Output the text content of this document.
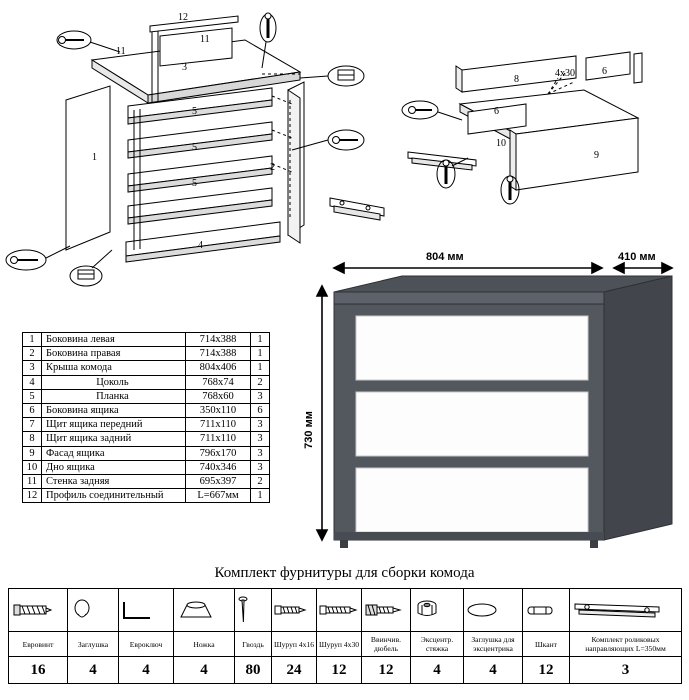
12
11
11
3
5
5
5
1
2
4
8
4x30
6
6
10
9
1	Боковина левая	714х388	1
2	Боковина правая	714х388	1
3	Крыша комода	804х406	1
4	Цоколь	768х74	2
5	Планка	768х60	3
6	Боковина ящика	350х110	6
7	Щит ящика передний	711х110	3
8	Щит ящика задний	711х110	3
9	Фасад ящика	796х170	3
10	Дно ящика	740х346	3
11	Стенка задняя	695х397	2
12	Профиль соединительный	L=667мм	1
804 мм	410 мм
730 мм
Комплект фурнитуры для сборки комода

Евровинт	Заглушка	Евроключ	Ножка	Гвоздь	Шуруп 4х16	Шуруп 4х30	Ввинчив. дюбель	Эксцентр. стяжка	Заглушка для эксцентрика	Шкант	Комплект роликовых направляющих L=350мм
16	4	4	4	80	24	12	12	4	4	12	3
